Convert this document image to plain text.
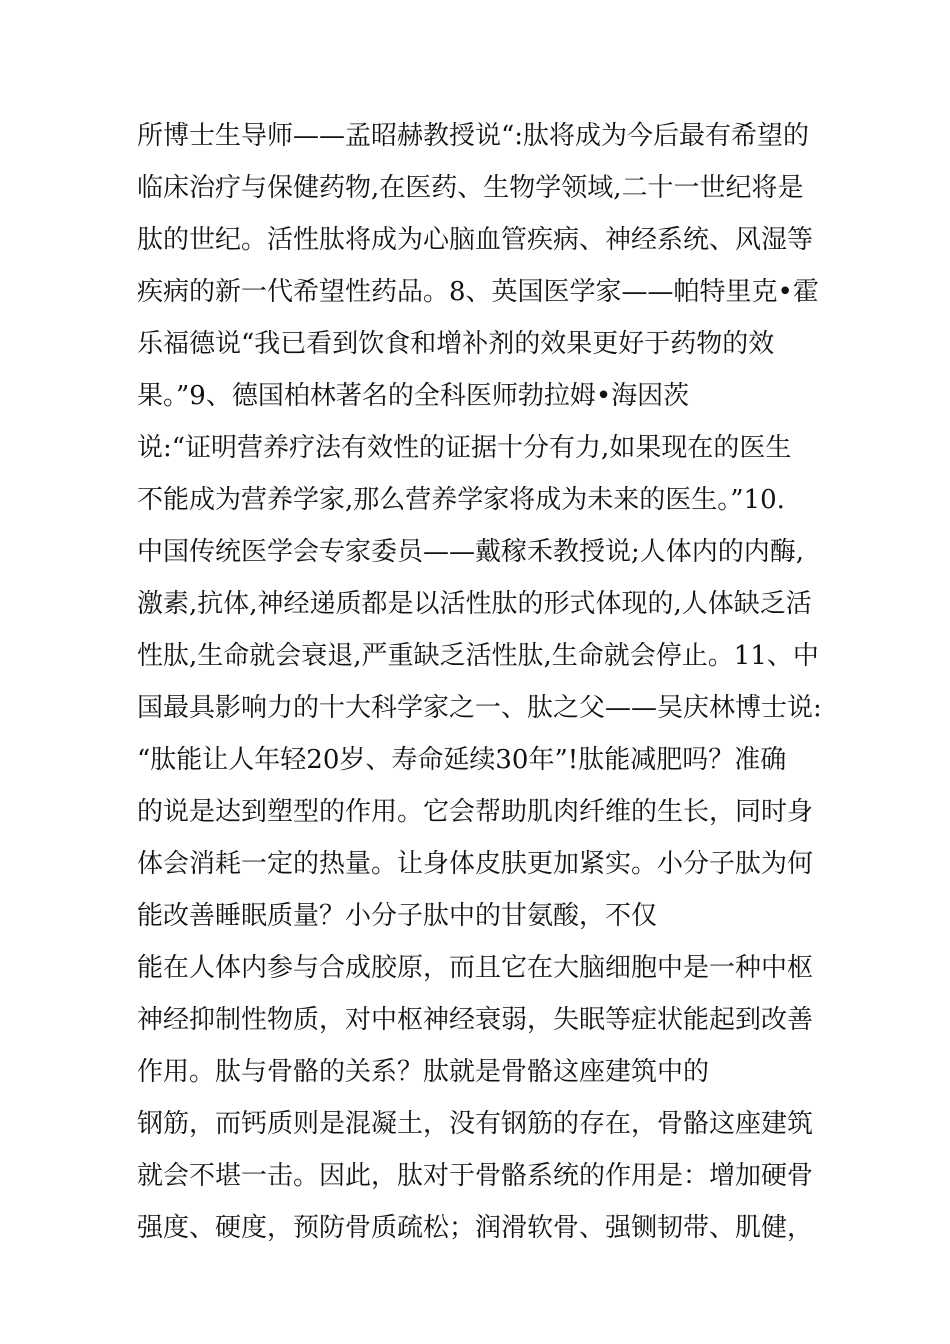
所博士生导师——孟昭赫教授说“:肽将成为今后最有希望的
临床治疗与保健药物,在医药、生物学领域,二十一世纪将是
肽的世纪。活性肽将成为心脑血管疾病、神经系统、风湿等
疾病的新一代希望性药品。8、英国医学家——帕特里克•霍
乐福德说“我已看到饮食和增补剂的效果更好于药物的效
果。”9、德国柏林著名的全科医师勃拉姆•海因茨
说:“证明营养疗法有效性的证据十分有力,如果现在的医生
不能成为营养学家,那么营养学家将成为未来的医生。”10.
中国传统医学会专家委员——戴稼禾教授说;人体内的内酶,
激素,抗体,神经递质都是以活性肽的形式体现的,人体缺乏活
性肽,生命就会衰退,严重缺乏活性肽,生命就会停止。11、中
国最具影响力的十大科学家之一、肽之父——吴庆林博士说:
“肽能让人年轻20岁、寿命延续30年”!肽能减肥吗？准确
的说是达到塑型的作用。它会帮助肌肉纤维的生长，同时身
体会消耗一定的热量。让身体皮肤更加紧实。小分子肽为何
能改善睡眠质量？小分子肽中的甘氨酸，不仅
能在人体内参与合成胶原，而且它在大脑细胞中是一种中枢
神经抑制性物质，对中枢神经衰弱，失眠等症状能起到改善
作用。肽与骨骼的关系？肽就是骨骼这座建筑中的
钢筋，而钙质则是混凝土，没有钢筋的存在，骨骼这座建筑
就会不堪一击。因此，肽对于骨骼系统的作用是：增加硬骨
强度、硬度，预防骨质疏松；润滑软骨、强铡韧带、肌健，
